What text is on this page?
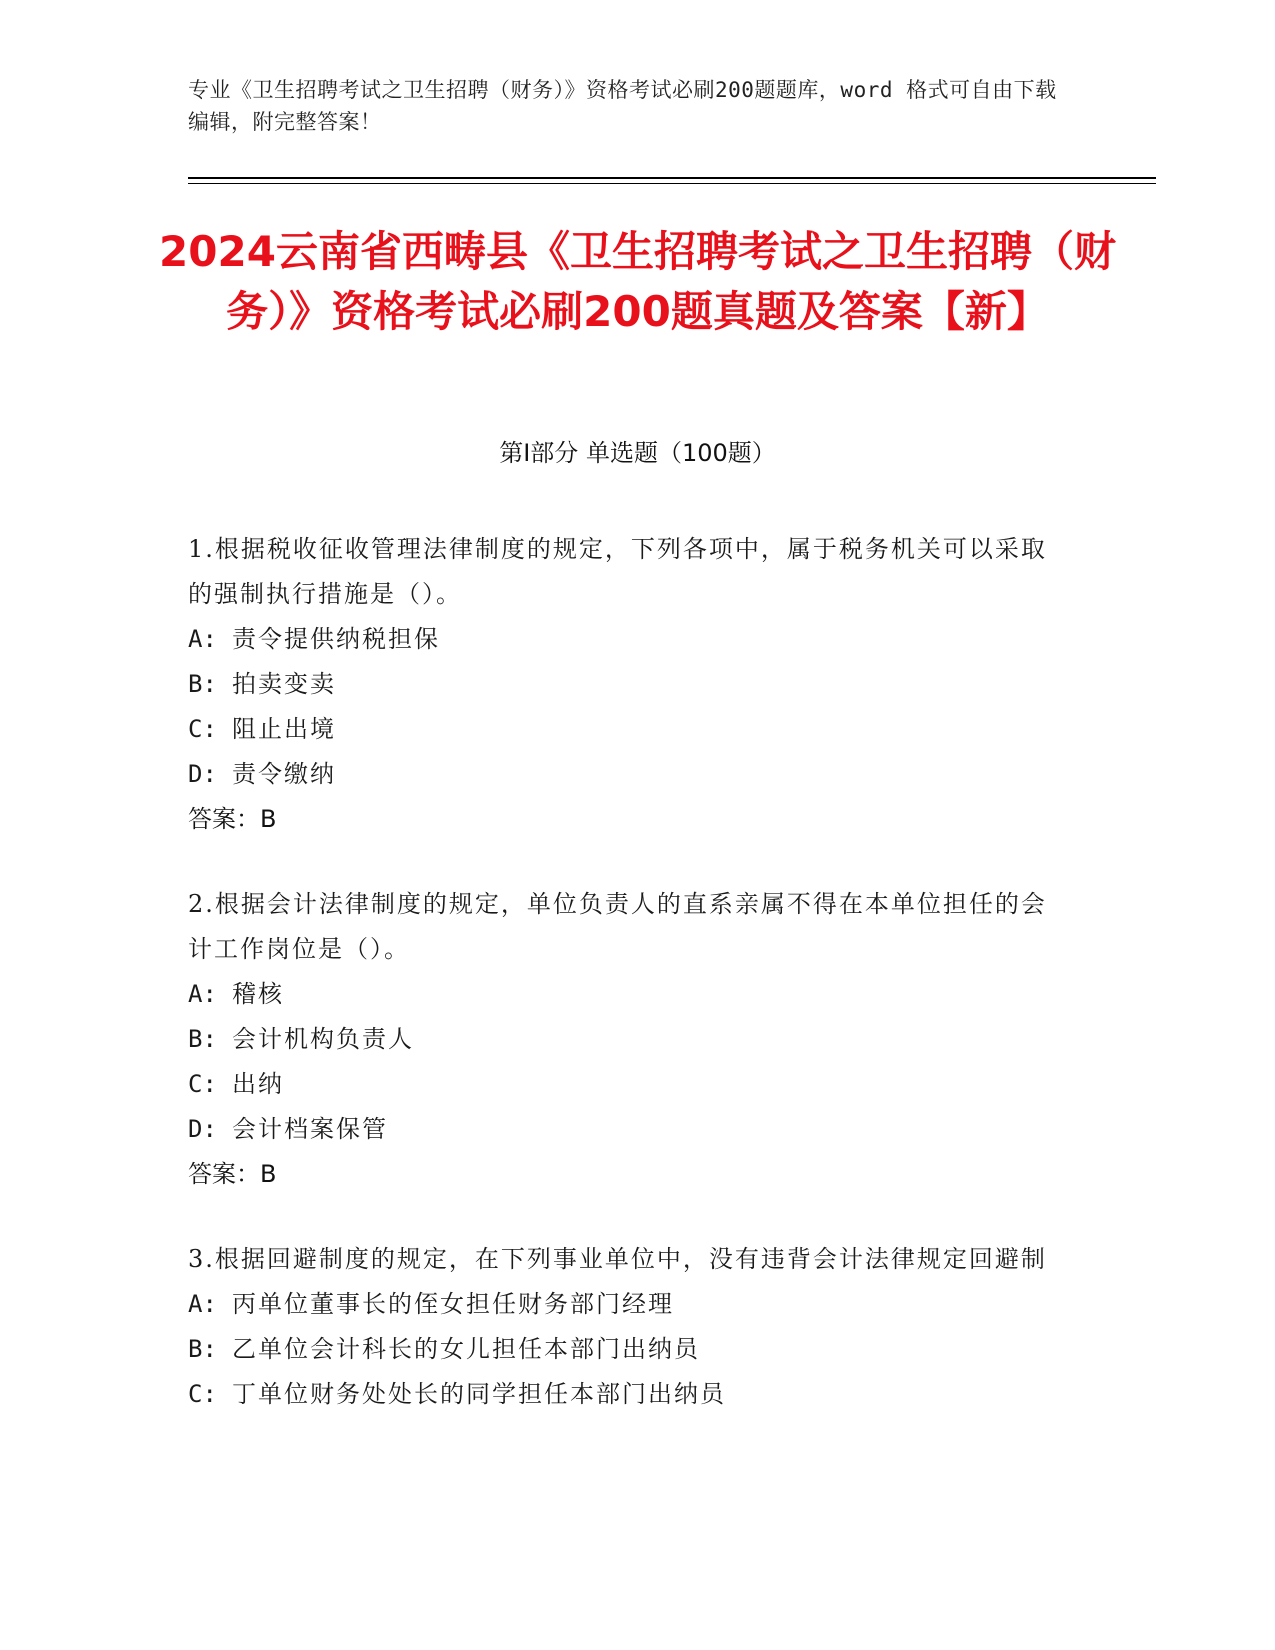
专业《卫生招聘考试之卫生招聘（财务）》资格考试必刷200题题库，word 格式可自由下载编辑，附完整答案！
2024云南省西畴县《卫生招聘考试之卫生招聘（财务）》资格考试必刷200题真题及答案【新】
第Ⅰ部分 单选题（100题）
1.根据税收征收管理法律制度的规定，下列各项中，属于税务机关可以采取的强制执行措施是（）。
A: 责令提供纳税担保
B: 拍卖变卖
C: 阻止出境
D: 责令缴纳
答案：B
2.根据会计法律制度的规定，单位负责人的直系亲属不得在本单位担任的会计工作岗位是（）。
A: 稽核
B: 会计机构负责人
C: 出纳
D: 会计档案保管
答案：B
3.根据回避制度的规定，在下列事业单位中，没有违背会计法律规定回避制
A: 丙单位董事长的侄女担任财务部门经理
B: 乙单位会计科长的女儿担任本部门出纳员
C: 丁单位财务处处长的同学担任本部门出纳员
